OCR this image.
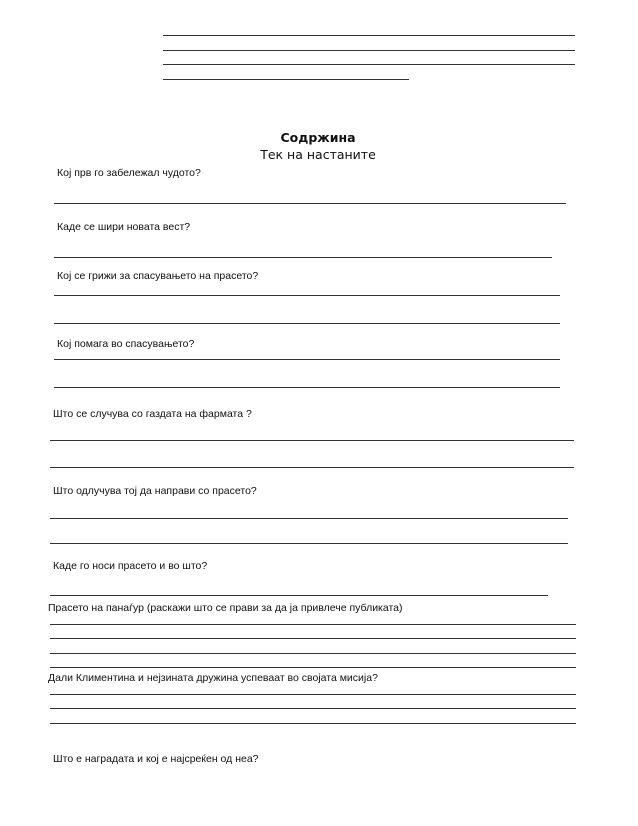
Содржина
Тек на настаните
Кој прв го забележал чудото?
Каде се шири новата вест?
Кој се грижи за спасувањето на прасето?
Кој помага во спасувањето?
Што се случува со газдата на фармата ?
Што одлучува тој да направи со прасето?
Каде го носи прасето и во што?
Прасето на панаѓур (раскажи што се прави за да ја привлече публиката)
Дали Климентина и нејзината дружина успеваат во својата мисија?
Што е наградата и кој е најсреќен од неа?
